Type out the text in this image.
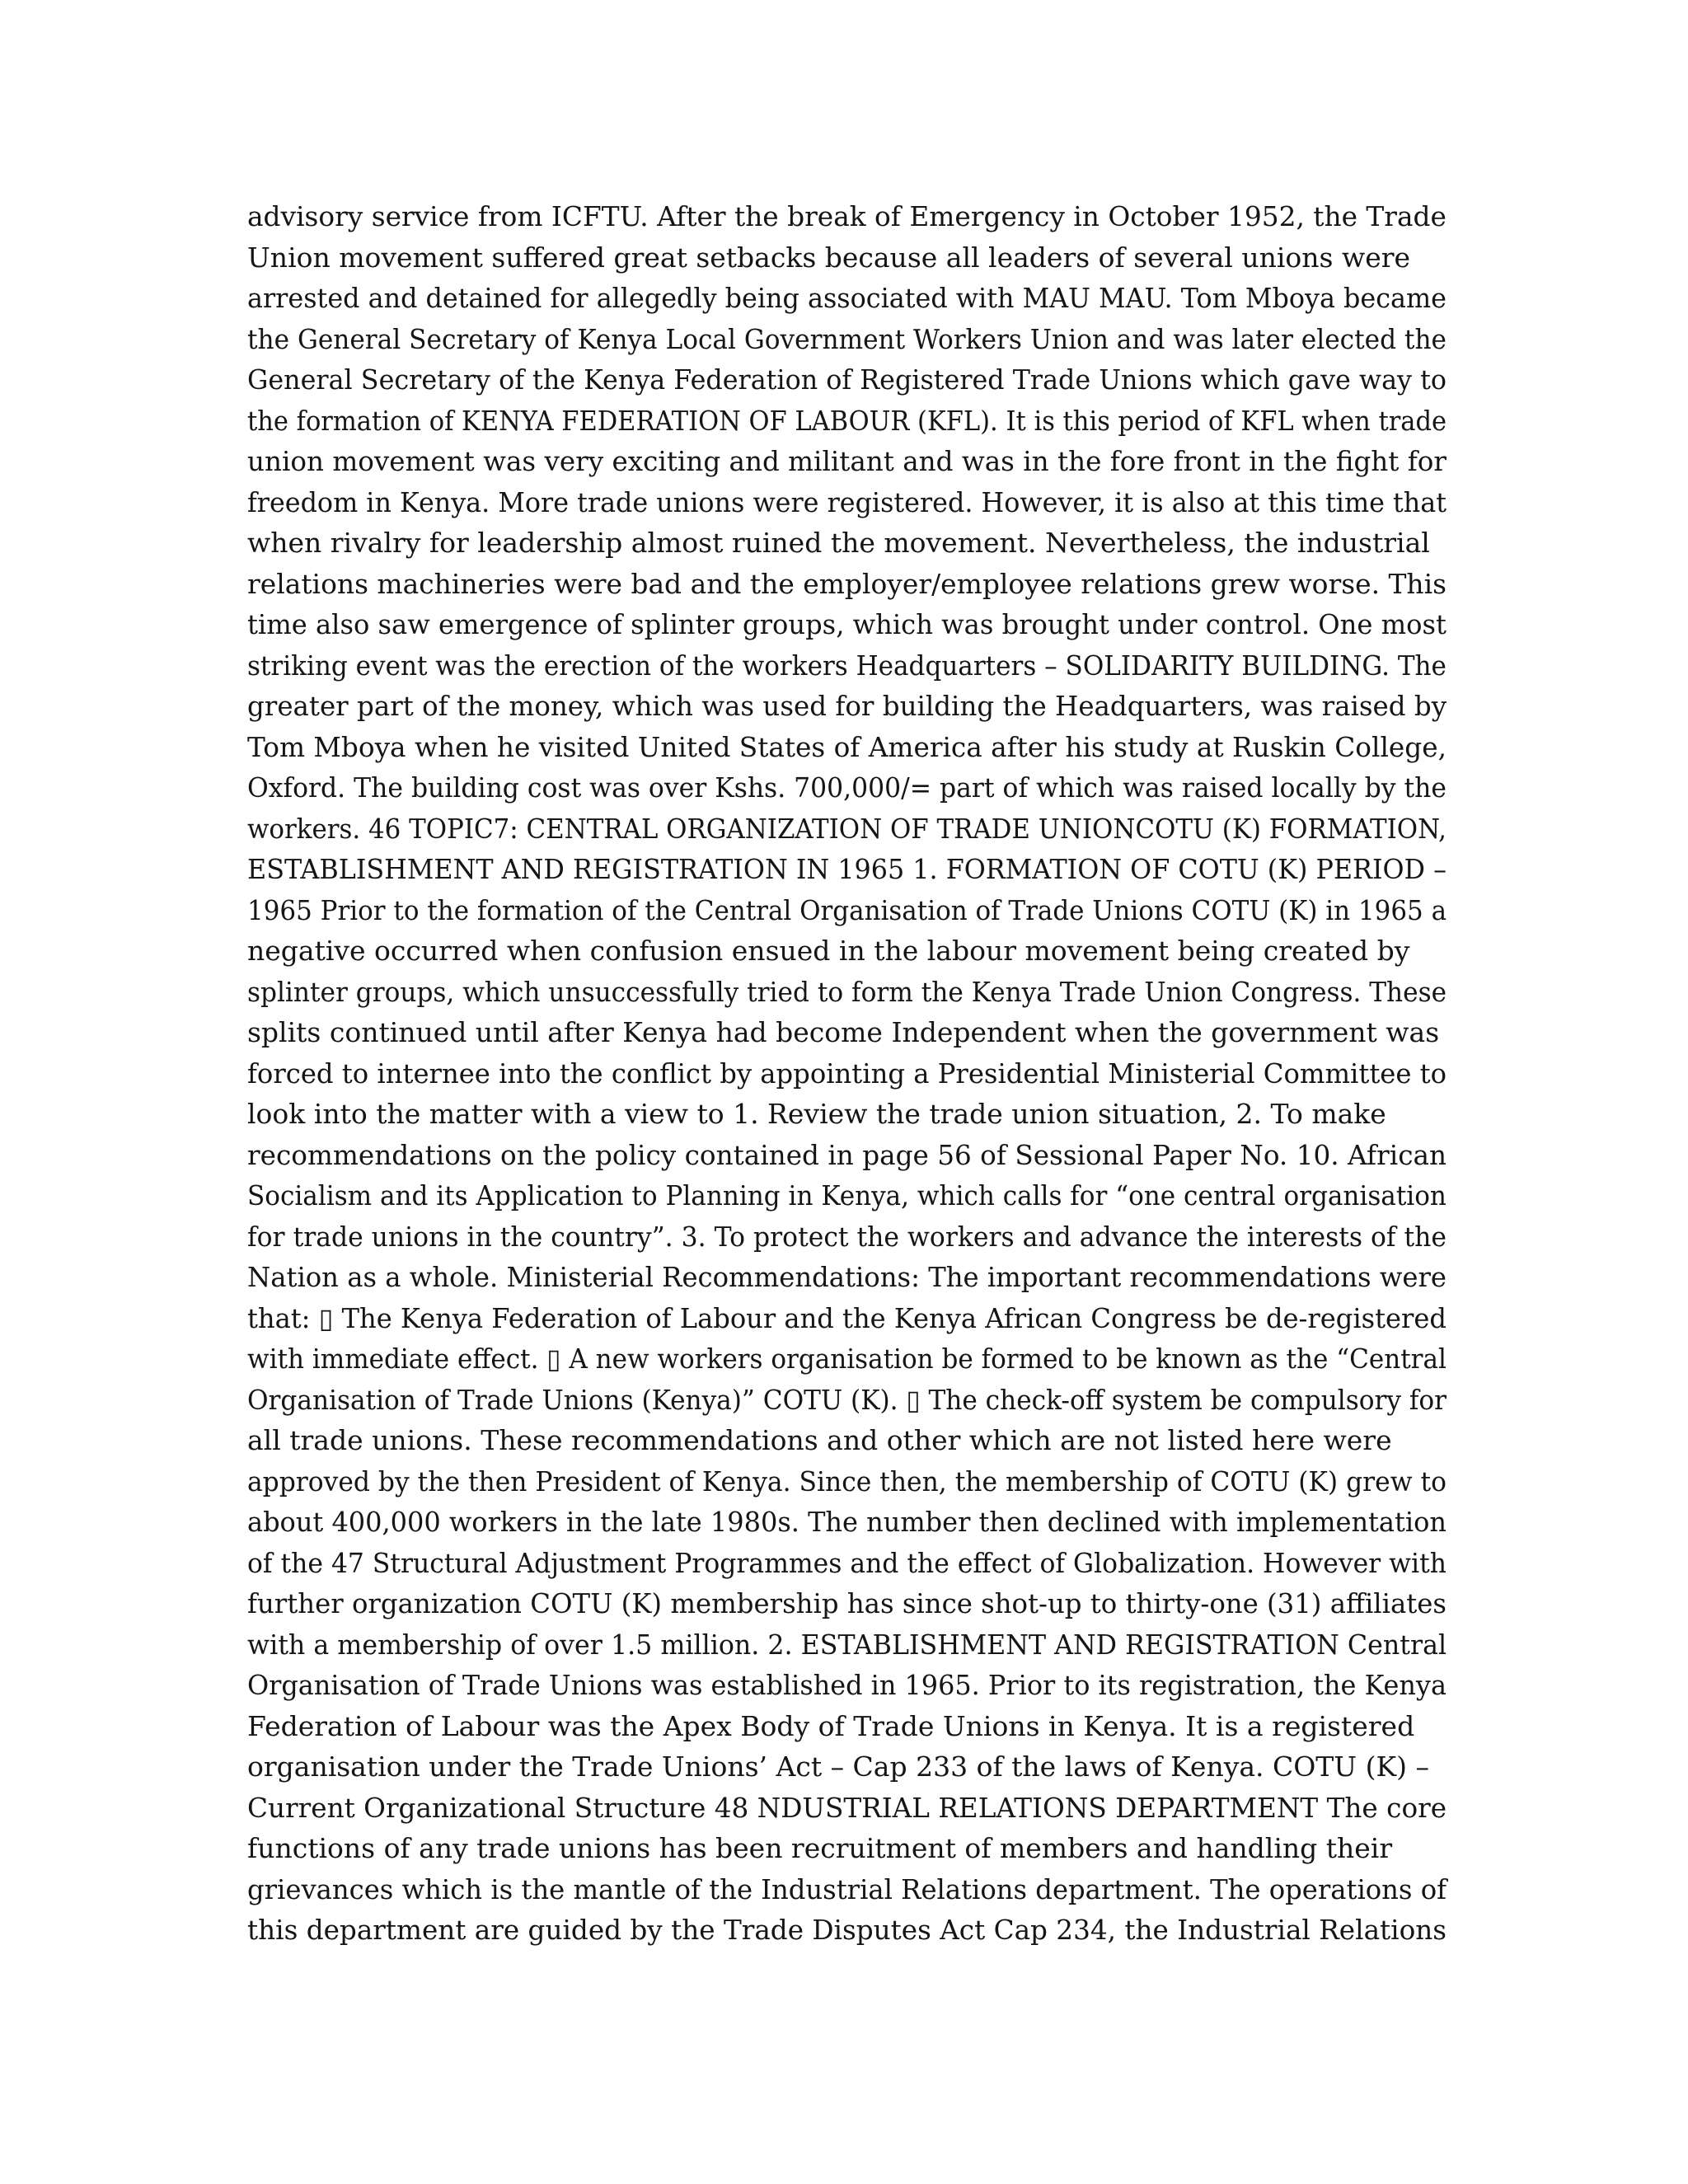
advisory service from ICFTU. After the break of Emergency in October 1952, the Trade
Union movement suffered great setbacks because all leaders of several unions were
arrested and detained for allegedly being associated with MAU MAU. Tom Mboya became
the General Secretary of Kenya Local Government Workers Union and was later elected the
General Secretary of the Kenya Federation of Registered Trade Unions which gave way to
the formation of KENYA FEDERATION OF LABOUR (KFL). It is this period of KFL when trade
union movement was very exciting and militant and was in the fore front in the fight for
freedom in Kenya. More trade unions were registered. However, it is also at this time that
when rivalry for leadership almost ruined the movement. Nevertheless, the industrial
relations machineries were bad and the employer/employee relations grew worse. This
time also saw emergence of splinter groups, which was brought under control. One most
striking event was the erection of the workers Headquarters – SOLIDARITY BUILDING. The
greater part of the money, which was used for building the Headquarters, was raised by
Tom Mboya when he visited United States of America after his study at Ruskin College,
Oxford. The building cost was over Kshs. 700,000/= part of which was raised locally by the
workers. 46 TOPIC7: CENTRAL ORGANIZATION OF TRADE UNIONCOTU (K) FORMATION,
ESTABLISHMENT AND REGISTRATION IN 1965 1. FORMATION OF COTU (K) PERIOD –
1965 Prior to the formation of the Central Organisation of Trade Unions COTU (K) in 1965 a
negative occurred when confusion ensued in the labour movement being created by
splinter groups, which unsuccessfully tried to form the Kenya Trade Union Congress. These
splits continued until after Kenya had become Independent when the government was
forced to internee into the conflict by appointing a Presidential Ministerial Committee to
look into the matter with a view to 1. Review the trade union situation, 2. To make
recommendations on the policy contained in page 56 of Sessional Paper No. 10. African
Socialism and its Application to Planning in Kenya, which calls for “one central organisation
for trade unions in the country”. 3. To protect the workers and advance the interests of the
Nation as a whole. Ministerial Recommendations: The important recommendations were
that: ▯ The Kenya Federation of Labour and the Kenya African Congress be de-registered
with immediate effect. ▯ A new workers organisation be formed to be known as the “Central
Organisation of Trade Unions (Kenya)” COTU (K). ▯ The check-off system be compulsory for
all trade unions. These recommendations and other which are not listed here were
approved by the then President of Kenya. Since then, the membership of COTU (K) grew to
about 400,000 workers in the late 1980s. The number then declined with implementation
of the 47 Structural Adjustment Programmes and the effect of Globalization. However with
further organization COTU (K) membership has since shot-up to thirty-one (31) affiliates
with a membership of over 1.5 million. 2. ESTABLISHMENT AND REGISTRATION Central
Organisation of Trade Unions was established in 1965. Prior to its registration, the Kenya
Federation of Labour was the Apex Body of Trade Unions in Kenya. It is a registered
organisation under the Trade Unions’ Act – Cap 233 of the laws of Kenya. COTU (K) –
Current Organizational Structure 48 NDUSTRIAL RELATIONS DEPARTMENT The core
functions of any trade unions has been recruitment of members and handling their
grievances which is the mantle of the Industrial Relations department. The operations of
this department are guided by the Trade Disputes Act Cap 234, the Industrial Relations
